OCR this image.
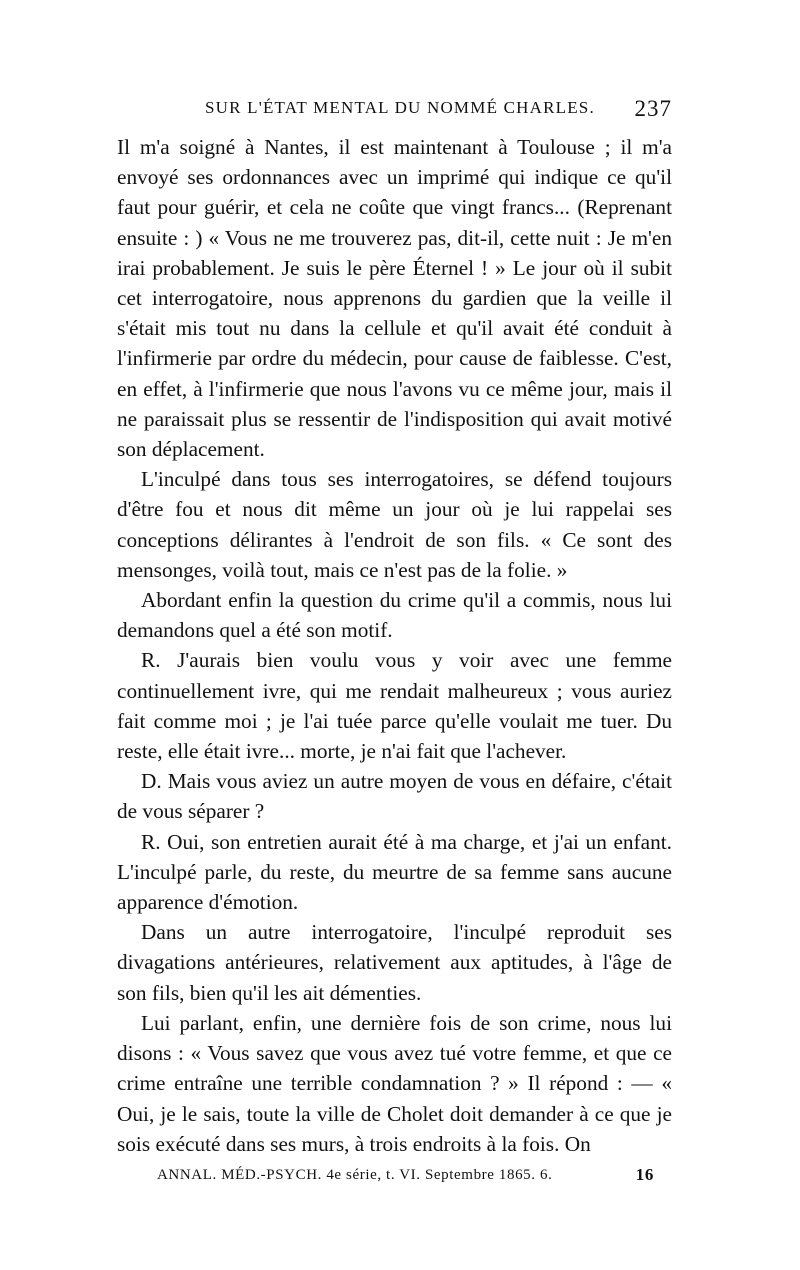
SUR L'ÉTAT MENTAL DU NOMMÉ CHARLES. 237

Il m'a soigné à Nantes, il est maintenant à Toulouse ; il m'a envoyé ses ordonnances avec un imprimé qui indique ce qu'il faut pour guérir, et cela ne coûte que vingt francs... (Reprenant ensuite : ) « Vous ne me trouverez pas, dit-il, cette nuit : Je m'en irai probablement. Je suis le père Éternel ! » Le jour où il subit cet interrogatoire, nous apprenons du gardien que la veille il s'était mis tout nu dans la cellule et qu'il avait été conduit à l'infirmerie par ordre du médecin, pour cause de faiblesse. C'est, en effet, à l'infirmerie que nous l'avons vu ce même jour, mais il ne paraissait plus se ressentir de l'indisposition qui avait motivé son déplacement.

L'inculpé dans tous ses interrogatoires, se défend toujours d'être fou et nous dit même un jour où je lui rappelai ses conceptions délirantes à l'endroit de son fils. « Ce sont des mensonges, voilà tout, mais ce n'est pas de la folie. »

Abordant enfin la question du crime qu'il a commis, nous lui demandons quel a été son motif.

R. J'aurais bien voulu vous y voir avec une femme continuellement ivre, qui me rendait malheureux ; vous auriez fait comme moi ; je l'ai tuée parce qu'elle voulait me tuer. Du reste, elle était ivre... morte, je n'ai fait que l'achever.

D. Mais vous aviez un autre moyen de vous en défaire, c'était de vous séparer ?

R. Oui, son entretien aurait été à ma charge, et j'ai un enfant. L'inculpé parle, du reste, du meurtre de sa femme sans aucune apparence d'émotion.

Dans un autre interrogatoire, l'inculpé reproduit ses divagations antérieures, relativement aux aptitudes, à l'âge de son fils, bien qu'il les ait démenties.

Lui parlant, enfin, une dernière fois de son crime, nous lui disons : « Vous savez que vous avez tué votre femme, et que ce crime entraîne une terrible condamnation ? » Il répond : — « Oui, je le sais, toute la ville de Cholet doit demander à ce que je sois exécuté dans ses murs, à trois endroits à la fois. On

ANNAL. MÉD.-PSYCH. 4e série, t. VI. Septembre 1865. 6.	16
